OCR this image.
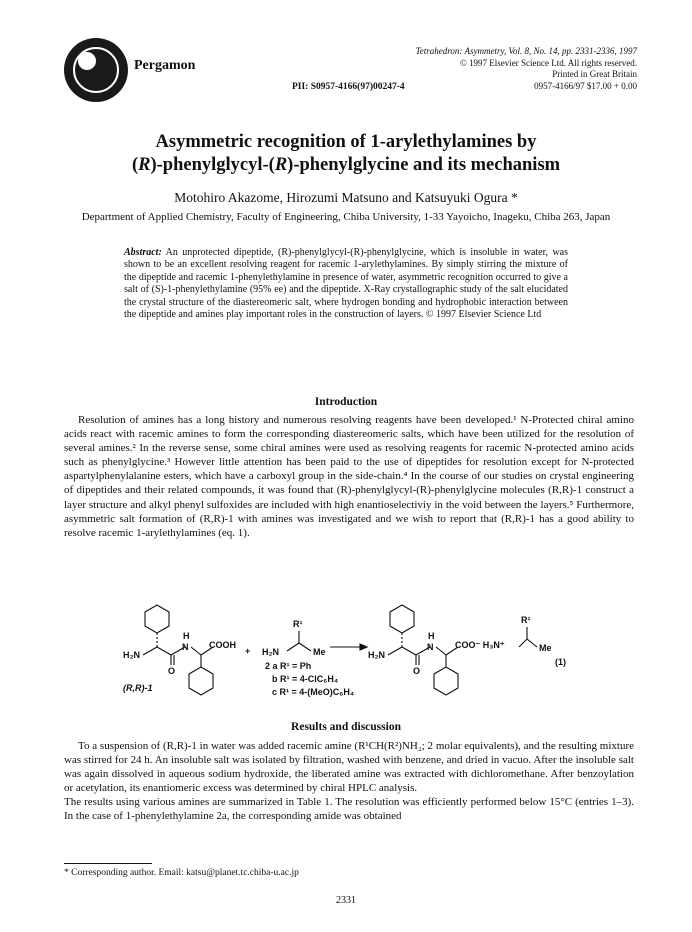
Pergamon
PII: S0957-4166(97)00247-4
Tetrahedron: Asymmetry, Vol. 8, No. 14, pp. 2331-2336, 1997
© 1997 Elsevier Science Ltd. All rights reserved.
Printed in Great Britain
0957-4166/97 $17.00 + 0.00
Asymmetric recognition of 1-arylethylamines by
(R)-phenylglycyl-(R)-phenylglycine and its mechanism
Motohiro Akazome, Hirozumi Matsuno and Katsuyuki Ogura *
Department of Applied Chemistry, Faculty of Engineering, Chiba University, 1-33 Yayoicho, Inageku, Chiba 263, Japan
Abstract: An unprotected dipeptide, (R)-phenylglycyl-(R)-phenylglycine, which is insoluble in water, was shown to be an excellent resolving reagent for racemic 1-arylethylamines. By simply stirring the mixture of the dipeptide and racemic 1-phenylethylamine in presence of water, asymmetric recognition occurred to give a salt of (S)-1-phenylethylamine (95% ee) and the dipeptide. X-Ray crystallographic study of the salt elucidated the crystal structure of the diastereomeric salt, where hydrogen bonding and hydrophobic interaction between the dipeptide and amines play important roles in the construction of layers. © 1997 Elsevier Science Ltd
Introduction

Resolution of amines has a long history and numerous resolving reagents have been developed.¹ N-Protected chiral amino acids react with racemic amines to form the corresponding diastereomeric salts, which have been utilized for the resolution of several amines.² In the reverse sense, some chiral amines were used as resolving reagents for racemic N-protected amino acids such as phenylglycine.³ However little attention has been paid to the use of dipeptides for resolution except for N-protected aspartylphenylalanine esters, which have a carboxyl group in the side-chain.⁴ In the course of our studies on crystal engineering of dipeptides and their related compounds, it was found that (R)-phenylglycyl-(R)-phenylglycine molecules (R,R)-1 construct a layer structure and alkyl phenyl sulfoxides are included with high enantioselectiviy in the void between the layers.⁵ Furthermore, asymmetric salt formation of (R,R)-1 with amines was investigated and we wish to report that (R,R)-1 has a good ability to resolve racemic 1-arylethylamines (eq. 1).

H
H₂N
N COOH
O
(R,R)-1
+
R¹
H₂N	Me
2 a R¹ = Ph
b R¹ = 4-ClC₆H₄
c R¹ = 4-(MeO)C₆H₄
H
H₂N
N COO⁻ H₃N⁺
O
R¹
Me
(1)
Results and discussion

To a suspension of (R,R)-1 in water was added racemic amine (R¹CH(R²)NH₂; 2 molar equivalents), and the resulting mixture was stirred for 24 h. An insoluble salt was isolated by filtration, washed with benzene, and dried in vacuo. After the insoluble salt was again dissolved in aqueous sodium hydroxide, the liberated amine was extracted with dichloromethane. After benzoylation or acetylation, its enantiomeric excess was determined by chiral HPLC analysis.

The results using various amines are summarized in Table 1. The resolution was efficiently performed below 15°C (entries 1–3). In the case of 1-phenylethylamine 2a, the corresponding amide was obtained

* Corresponding author. Email: katsu@planet.tc.chiba-u.ac.jp
2331
